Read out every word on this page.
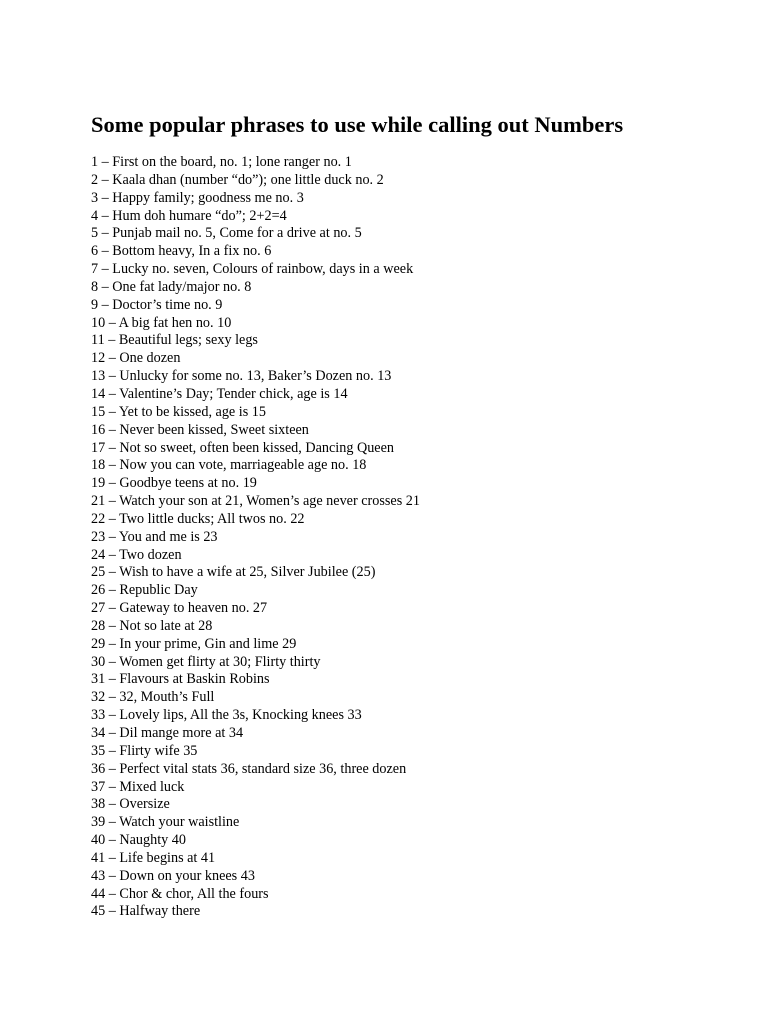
Some popular phrases to use while calling out Numbers
1 – First on the board, no. 1; lone ranger no. 1
2 – Kaala dhan (number “do”); one little duck no. 2
3 – Happy family; goodness me no. 3
4 – Hum doh humare “do”; 2+2=4
5 – Punjab mail no. 5, Come for a drive at no. 5
6 – Bottom heavy, In a fix no. 6
7 – Lucky no. seven, Colours of rainbow, days in a week
8 – One fat lady/major no. 8
9 – Doctor’s time no. 9
10 – A big fat hen no. 10
11 – Beautiful legs; sexy legs
12 – One dozen
13 – Unlucky for some no. 13, Baker’s Dozen no. 13
14 – Valentine’s Day; Tender chick, age is 14
15 – Yet to be kissed, age is 15
16 – Never been kissed, Sweet sixteen
17 – Not so sweet, often been kissed, Dancing Queen
18 – Now you can vote, marriageable age no. 18
19 – Goodbye teens at no. 19
21 – Watch your son at 21, Women’s age never crosses 21
22 – Two little ducks; All twos no. 22
23 – You and me is 23
24 – Two dozen
25 – Wish to have a wife at 25, Silver Jubilee (25)
26 – Republic Day
27 – Gateway to heaven no. 27
28 – Not so late at 28
29 – In your prime, Gin and lime 29
30 – Women get flirty at 30; Flirty thirty
31 – Flavours at Baskin Robins
32 – 32, Mouth’s Full
33 – Lovely lips, All the 3s, Knocking knees 33
34 – Dil mange more at 34
35 – Flirty wife 35
36 – Perfect vital stats 36, standard size 36, three dozen
37 – Mixed luck
38 – Oversize
39 – Watch your waistline
40 – Naughty 40
41 – Life begins at 41
43 – Down on your knees 43
44 – Chor & chor, All the fours
45 – Halfway there
